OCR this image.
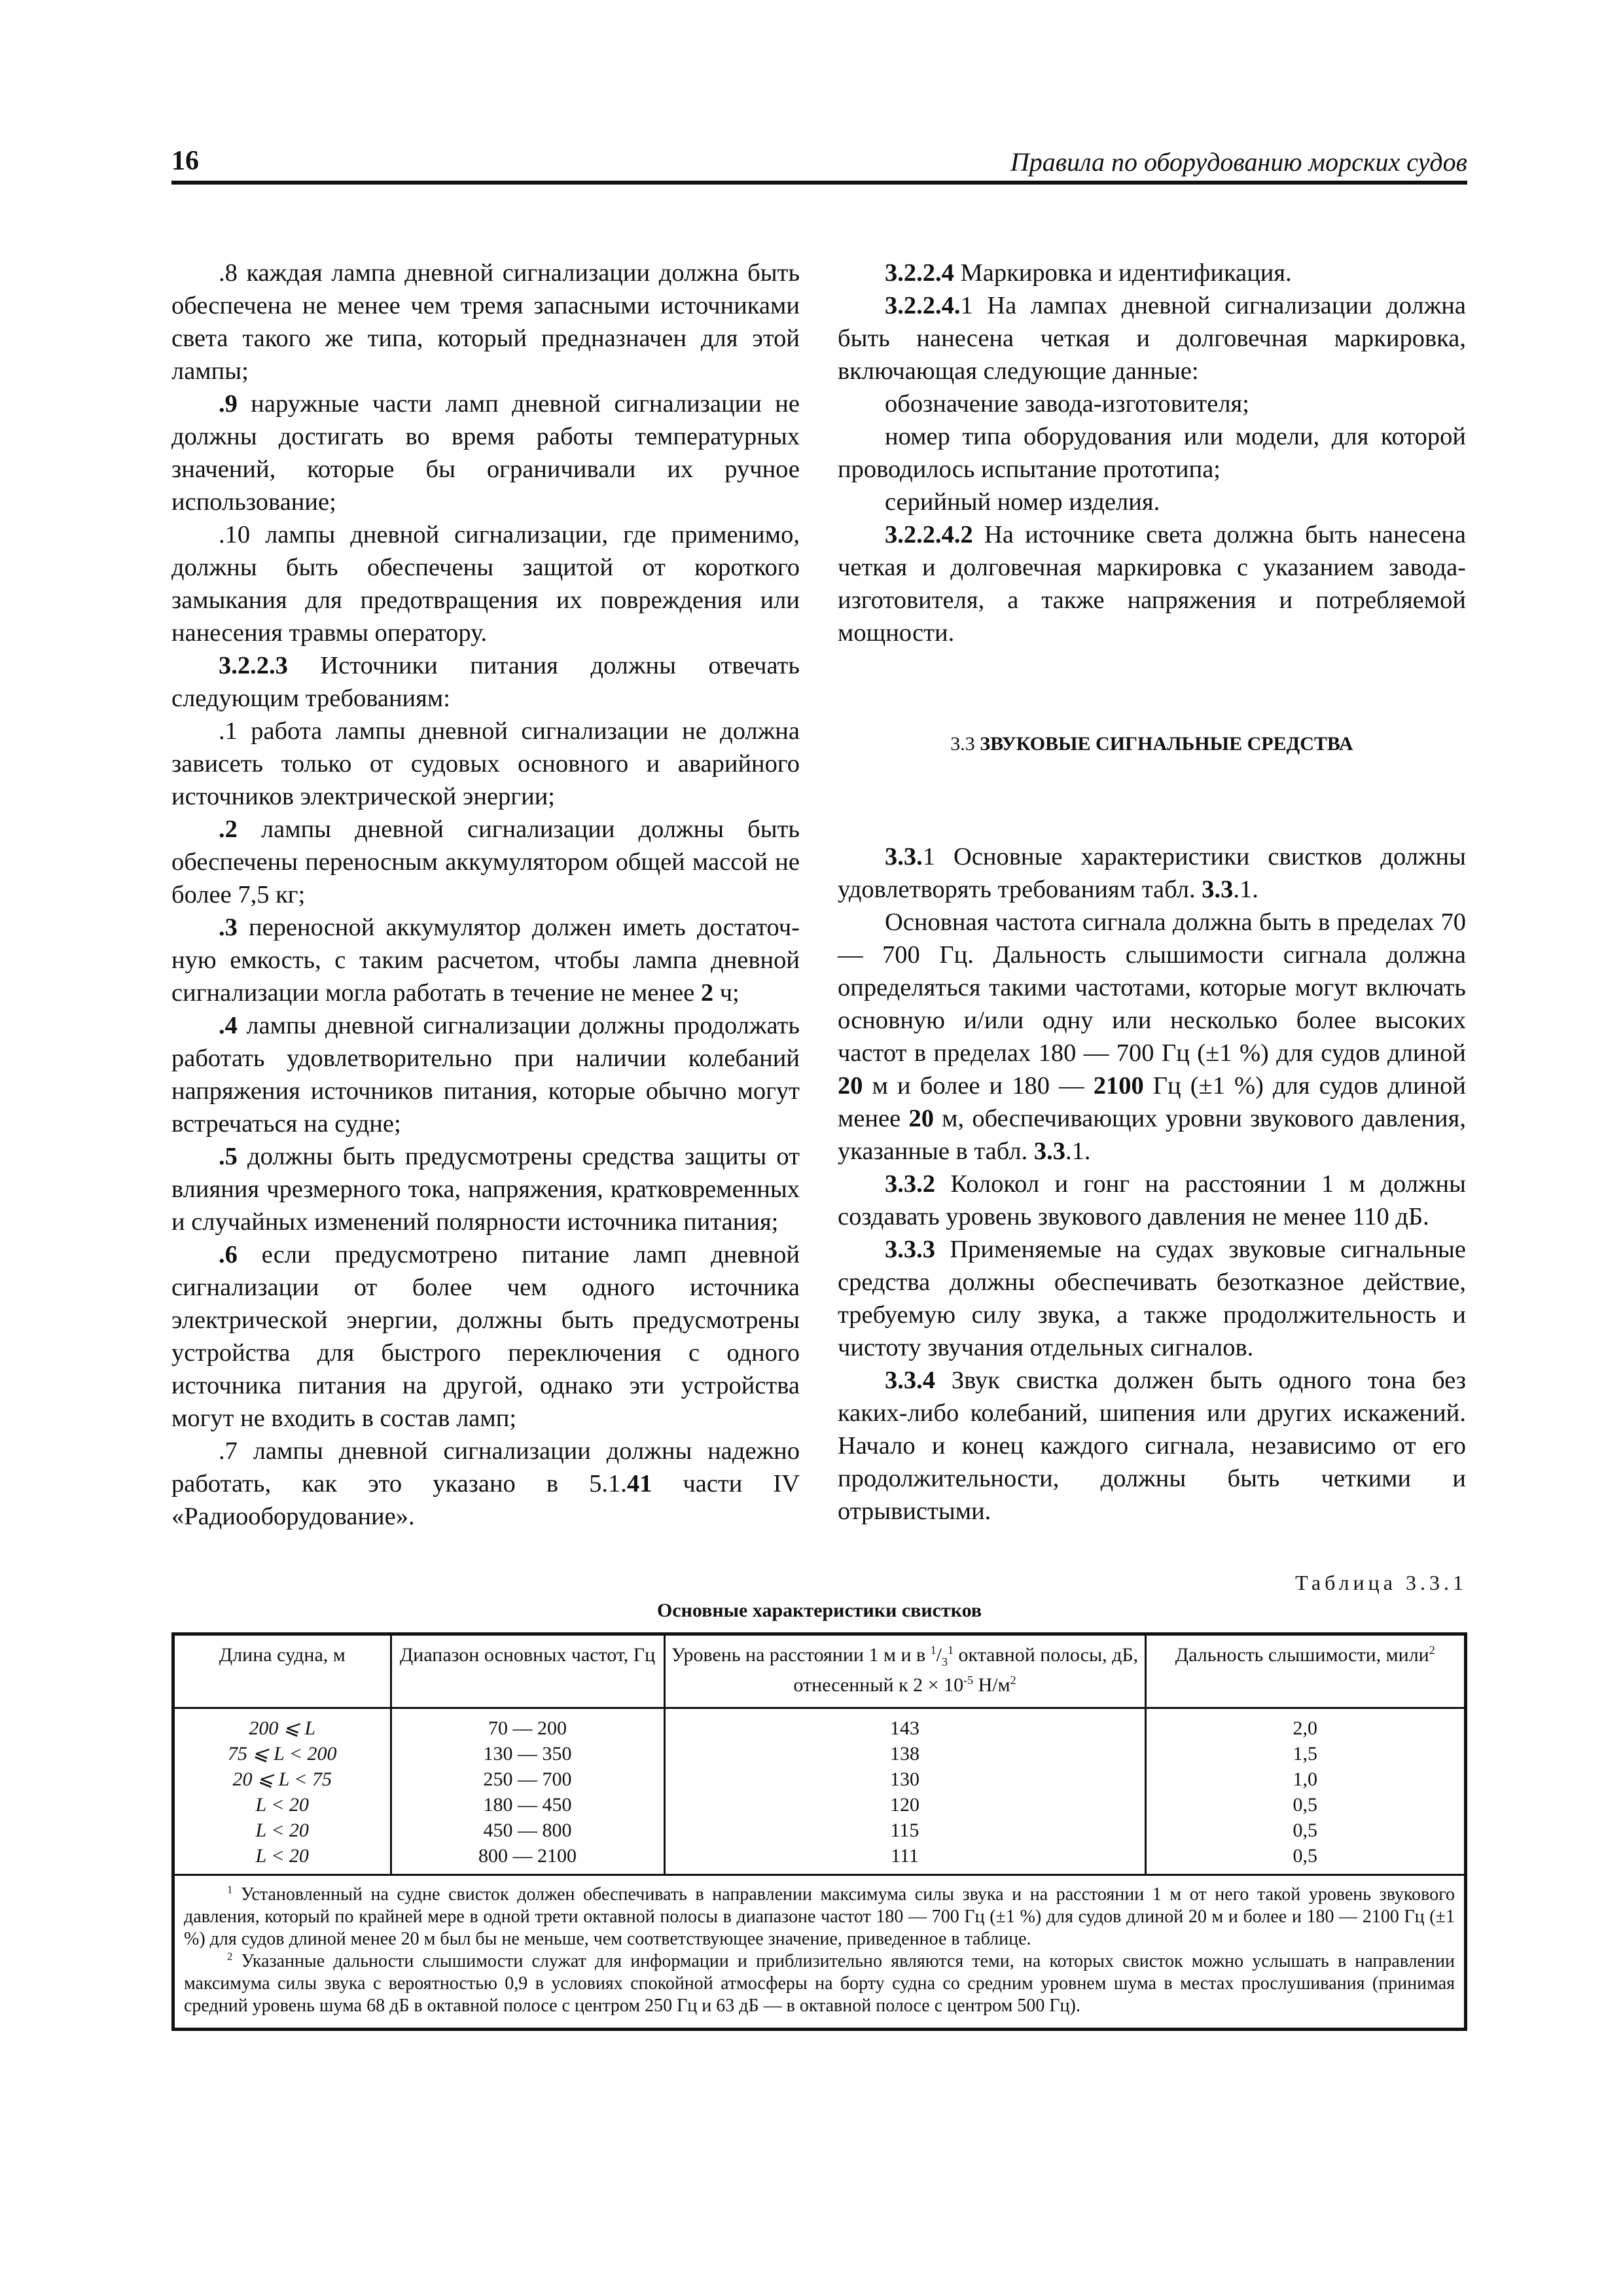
16	Правила по оборудованию морских судов

.8 каждая лампа дневной сигнализации должна быть обеспечена не менее чем тремя запасными источниками света такого же типа, который предназначен для этой лампы;

.9 наружные части ламп дневной сигнализации не должны достигать во время работы температурных значений, которые бы ограничивали их ручное использование;

.10 лампы дневной сигнализации, где применимо, должны быть обеспечены защитой от короткого замыкания для предотвращения их повреждения или нанесения травмы оператору.

3.2.2.3 Источники питания должны отвечать следующим требованиям:

.1 работа лампы дневной сигнализации не должна зависеть только от судовых основного и аварийного источников электрической энергии;

.2 лампы дневной сигнализации должны быть обеспечены переносным аккумулятором общей массой не более 7,5 кг;

.3 переносной аккумулятор должен иметь достаточную емкость, с таким расчетом, чтобы лампа дневной сигнализации могла работать в течение не менее 2 ч;

.4 лампы дневной сигнализации должны продолжать работать удовлетворительно при наличии колебаний напряжения источников питания, которые обычно могут встречаться на судне;

.5 должны быть предусмотрены средства защиты от влияния чрезмерного тока, напряжения, кратковременных и случайных изменений полярности источника питания;

.6 если предусмотрено питание ламп дневной сигнализации от более чем одного источника электрической энергии, должны быть предусмотрены устройства для быстрого переключения с одного источника питания на другой, однако эти устройства могут не входить в состав ламп;

.7 лампы дневной сигнализации должны надежно работать, как это указано в 5.1.41 части IV «Радиооборудование».

3.2.2.4 Маркировка и идентификация.

3.2.2.4.1 На лампах дневной сигнализации должна быть нанесена четкая и долговечная маркировка, включающая следующие данные:

обозначение завода-изготовителя;

номер типа оборудования или модели, для которой проводилось испытание прототипа;

серийный номер изделия.

3.2.2.4.2 На источнике света должна быть нанесена четкая и долговечная маркировка с указанием завода-изготовителя, а также напряжения и потребляемой мощности.

3.3 ЗВУКОВЫЕ СИГНАЛЬНЫЕ СРЕДСТВА

3.3.1 Основные характеристики свистков должны удовлетворять требованиям табл. 3.3.1.

Основная частота сигнала должна быть в пределах 70 — 700 Гц. Дальность слышимости сигнала должна определяться такими частотами, которые могут включать основную и/или одну или несколько более высоких частот в пределах 180 — 700 Гц (±1 %) для судов длиной 20 м и более и 180 — 2100 Гц (±1 %) для судов длиной менее 20 м, обеспечивающих уровни звукового давления, указанные в табл. 3.3.1.

3.3.2 Колокол и гонг на расстоянии 1 м должны создавать уровень звукового давления не менее 110 дБ.

3.3.3 Применяемые на судах звуковые сигнальные средства должны обеспечивать безотказное действие, требуемую силу звука, а также продолжительность и чистоту звучания отдельных сигналов.

3.3.4 Звук свистка должен быть одного тона без каких-либо колебаний, шипения или других искажений. Начало и конец каждого сигнала, независимо от его продолжительности, должны быть четкими и отрывистыми.

Таблица 3.3.1
Основные характеристики свистков
Длина судна, м	Диапазон основных частот, Гц	Уровень на расстоянии 1 м и в $^1/_3^1$ октавной полосы, дБ, отнесенный к $2 \times 10^{-5}$ $Н/м^2$	Дальность слышимости, мили$^2$
200 ⩽ L	70 — 200	143	2,0
75 ⩽ L < 200	130 — 350	138	1,5
20 ⩽ L < 75	250 — 700	130	1,0
L < 20	180 — 450	120	0,5
L < 20	450 — 800	115	0,5
L < 20	800 — 2100	111	0,5

$^1$ Установленный на судне свисток должен обеспечивать в направлении максимума силы звука и на расстоянии 1 м от него такой уровень звукового давления, который по крайней мере в одной трети октавной полосы в диапазоне частот 180 — 700 Гц (±1 %) для судов длиной 20 м и более и 180 — 2100 Гц (±1 %) для судов длиной менее 20 м был бы не меньше, чем соответствующее значение, приведенное в таблице.

$^2$ Указанные дальности слышимости служат для информации и приблизительно являются теми, на которых свисток можно услышать в направлении максимума силы звука с вероятностью 0,9 в условиях спокойной атмосферы на борту судна со средним уровнем шума в местах прослушивания (принимая средний уровень шума 68 дБ в октавной полосе с центром 250 Гц и 63 дБ — в октавной полосе с центром 500 Гц).
